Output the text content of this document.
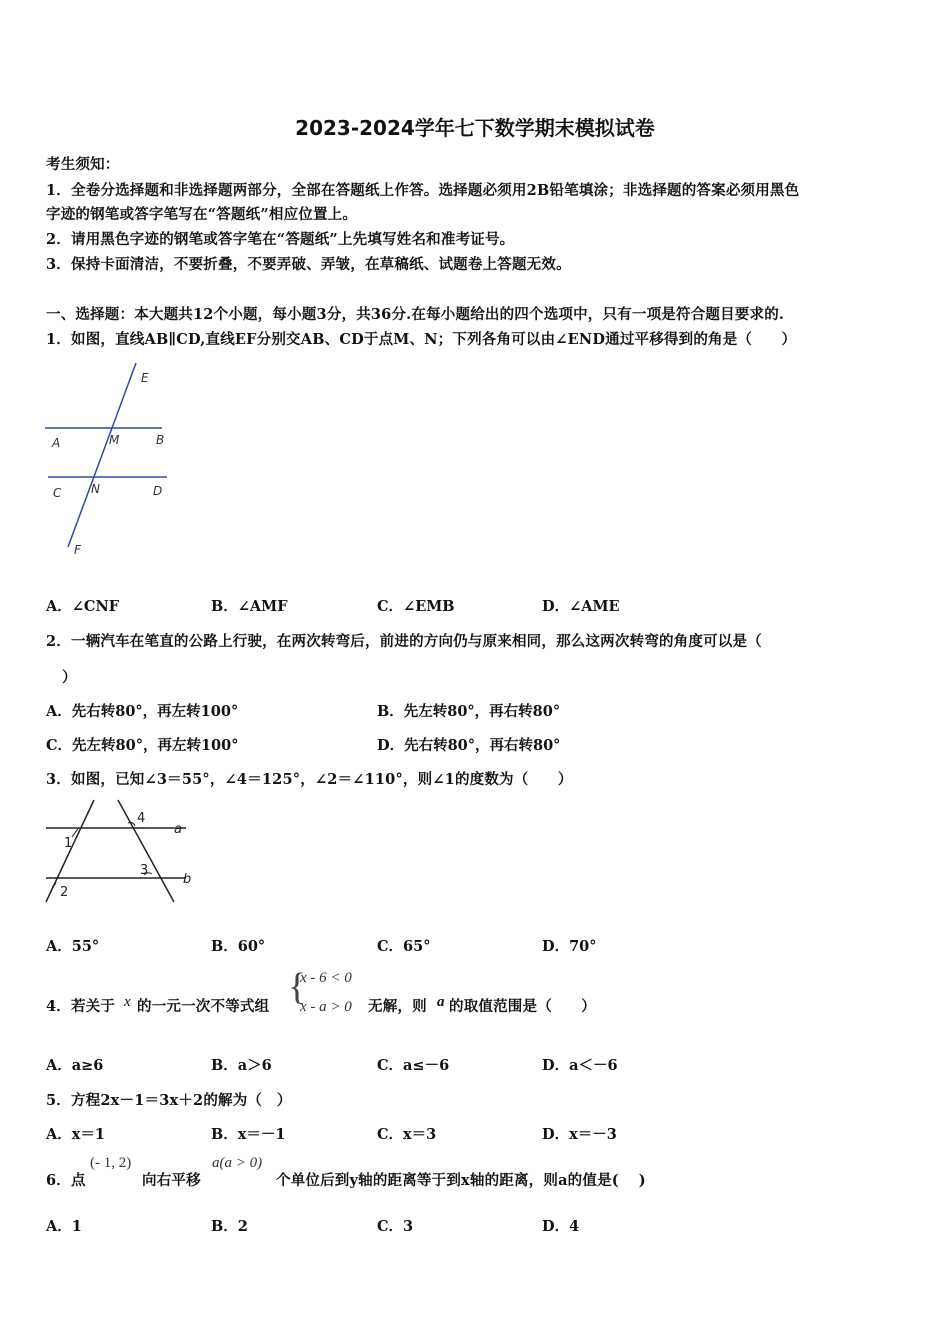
2023-2024学年七下数学期末模拟试卷
考生须知：
1．全卷分选择题和非选择题两部分，全部在答题纸上作答。选择题必须用2B铅笔填涂；非选择题的答案必须用黑色
字迹的钢笔或答字笔写在“答题纸”相应位置上。
2．请用黑色字迹的钢笔或答字笔在“答题纸”上先填写姓名和准考证号。
3．保持卡面清洁，不要折叠，不要弄破、弄皱，在草稿纸、试题卷上答题无效。
一、选择题：本大题共12个小题，每小题3分，共36分.在每小题给出的四个选项中，只有一项是符合题目要求的.
1．如图，直线AB∥CD,直线EF分别交AB、CD于点M、N；下列各角可以由∠END通过平移得到的角是（　　）
E
A	M	B
C N	D
F
A．∠CNF	B．∠AMF	C．∠EMB	D．∠AME
2．一辆汽车在笔直的公路上行驶，在两次转弯后，前进的方向仍与原来相同，那么这两次转弯的角度可以是（
）
A．先右转80°，再左转100°	B．先左转80°，再右转80°
C．先左转80°，再左转100°	D．先右转80°，再右转80°
3．如图，已知∠3＝55°，∠4＝125°，∠2＝∠110°，则∠1的度数为（　　）
1
2
3
4
a
b
A．55°	B．60°	C．65°	D．70°
4．若关于 x 的一元一次不等式组 {
x - 6 < 0
x - a > 0 无解，则 a 的取值范围是（　　）
A．a≥6	B．a＞6	C．a≤－6	D．a＜－6
5．方程2x－1＝3x＋2的解为（　）
A．x＝1	B．x＝－1	C．x＝3	D．x＝－3
6．点
(- 1, 2)
向右平移
a(a > 0)
个单位后到y轴的距离等于到x轴的距离，则a的值是(　 )
A．1	B．2	C．3	D．4
